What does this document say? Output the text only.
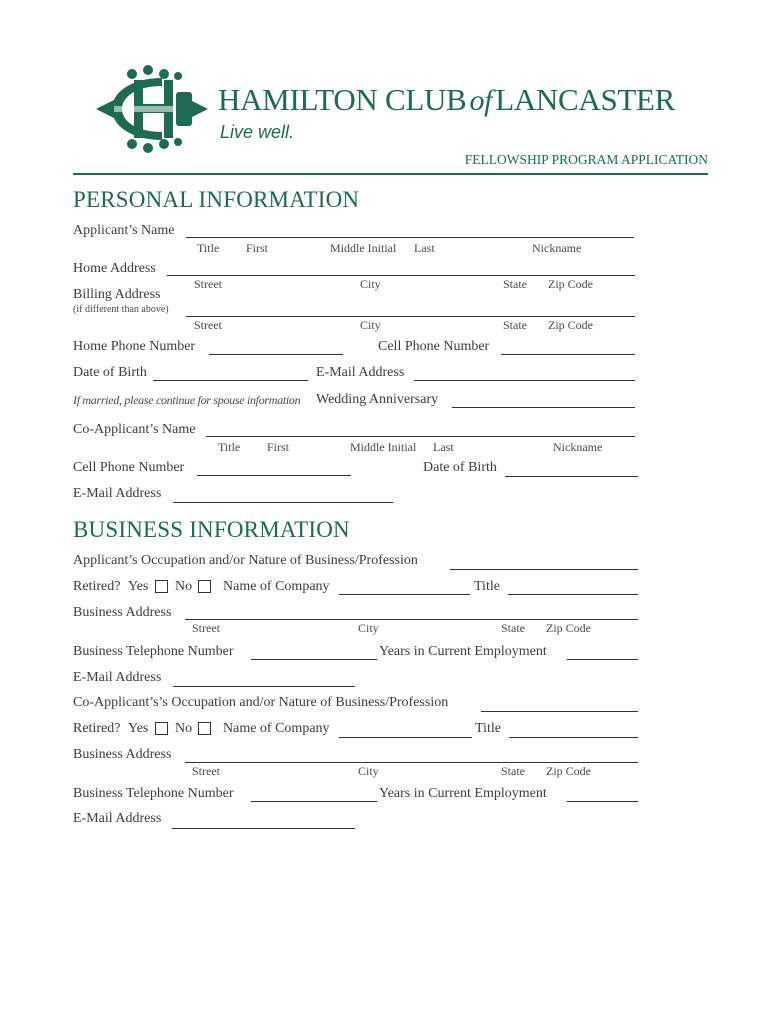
HAMILTON CLUB ofLANCASTER
Live well.
FELLOWSHIP PROGRAM APPLICATION
PERSONAL INFORMATION
Applicant’s Name
Title First	Middle Initial Last	Nickname
Home Address
Street	City	State Zip Code
Billing Address
(if different than above)
Street	City	State Zip Code
Home Phone Number	Cell Phone Number
Date of Birth	E-Mail Address
If married, please continue for spouse information Wedding Anniversary
Co-Applicant’s Name
Title First	Middle Initial Last	Nickname
Cell Phone Number	Date of Birth
E-Mail Address
BUSINESS INFORMATION
Applicant’s Occupation and/or Nature of Business/Profession
Retired? Yes No Name of Company	Title
Business Address
Street	City	State Zip Code
Business Telephone Number	Years in Current Employment
E-Mail Address
Co-Applicant’s’s Occupation and/or Nature of Business/Profession
Retired? Yes No Name of Company	Title
Business Address
Street	City	State Zip Code
Business Telephone Number	Years in Current Employment
E-Mail Address
